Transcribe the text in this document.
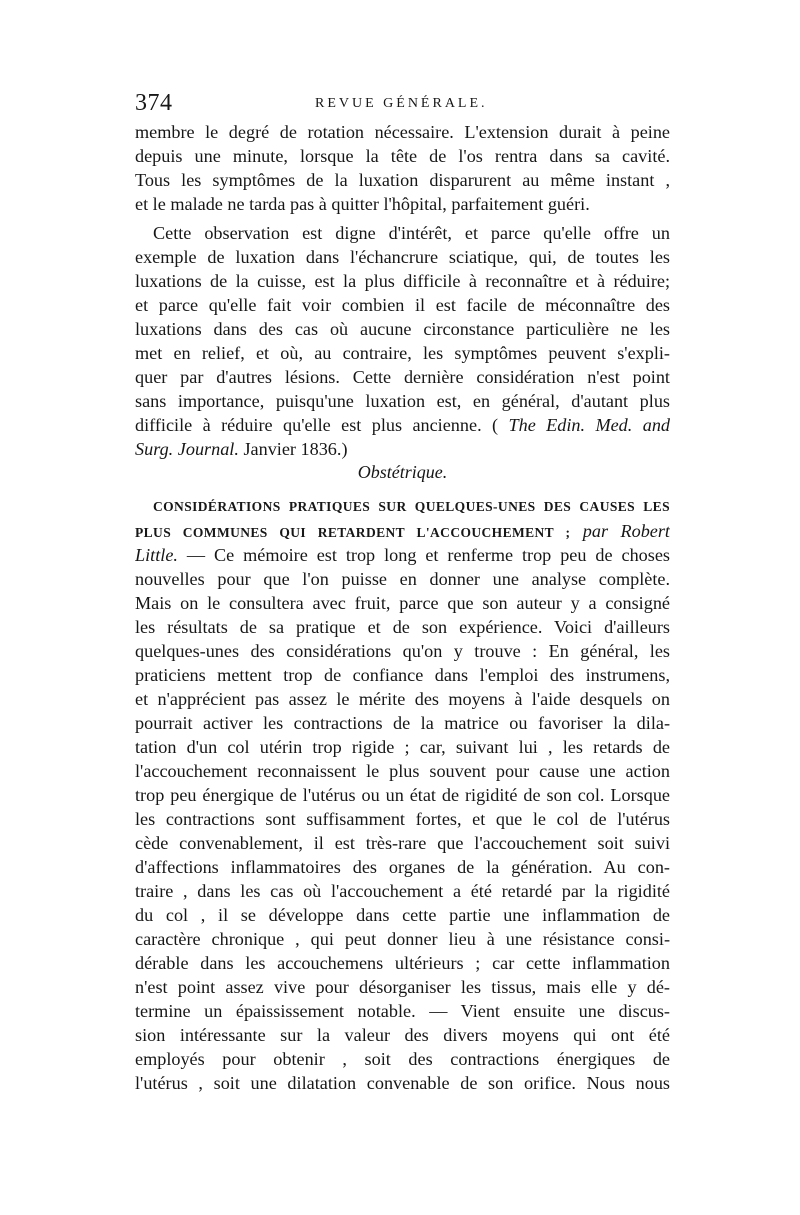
374	REVUE GÉNÉRALE.
membre le degré de rotation nécessaire. L'extension durait à peine
depuis une minute, lorsque la tête de l'os rentra dans sa cavité.
Tous les symptômes de la luxation disparurent au même instant ,
et le malade ne tarda pas à quitter l'hôpital, parfaitement guéri.
Cette observation est digne d'intérêt, et parce qu'elle offre un
exemple de luxation dans l'échancrure sciatique, qui, de toutes les
luxations de la cuisse, est la plus difficile à reconnaître et à réduire;
et parce qu'elle fait voir combien il est facile de méconnaître des
luxations dans des cas où aucune circonstance particulière ne les
met en relief, et où, au contraire, les symptômes peuvent s'expli-
quer par d'autres lésions. Cette dernière considération n'est point
sans importance, puisqu'une luxation est, en général, d'autant plus
difficile à réduire qu'elle est plus ancienne. ( The Edin. Med. and
Surg. Journal. Janvier 1836.)
Obstétrique.
CONSIDÉRATIONS PRATIQUES SUR QUELQUES-UNES DES CAUSES LES
PLUS COMMUNES QUI RETARDENT L'ACCOUCHEMENT ; par Robert
Little. — Ce mémoire est trop long et renferme trop peu de choses
nouvelles pour que l'on puisse en donner une analyse complète.
Mais on le consultera avec fruit, parce que son auteur y a consigné
les résultats de sa pratique et de son expérience. Voici d'ailleurs
quelques-unes des considérations qu'on y trouve : En général, les
praticiens mettent trop de confiance dans l'emploi des instrumens,
et n'apprécient pas assez le mérite des moyens à l'aide desquels on
pourrait activer les contractions de la matrice ou favoriser la dila-
tation d'un col utérin trop rigide ; car, suivant lui , les retards de
l'accouchement reconnaissent le plus souvent pour cause une action
trop peu énergique de l'utérus ou un état de rigidité de son col. Lorsque
les contractions sont suffisamment fortes, et que le col de l'utérus
cède convenablement, il est très-rare que l'accouchement soit suivi
d'affections inflammatoires des organes de la génération. Au con-
traire , dans les cas où l'accouchement a été retardé par la rigidité
du col , il se développe dans cette partie une inflammation de
caractère chronique , qui peut donner lieu à une résistance consi-
dérable dans les accouchemens ultérieurs ; car cette inflammation
n'est point assez vive pour désorganiser les tissus, mais elle y dé-
termine un épaississement notable. — Vient ensuite une discus-
sion intéressante sur la valeur des divers moyens qui ont été
employés pour obtenir , soit des contractions énergiques de
l'utérus , soit une dilatation convenable de son orifice. Nous nous
